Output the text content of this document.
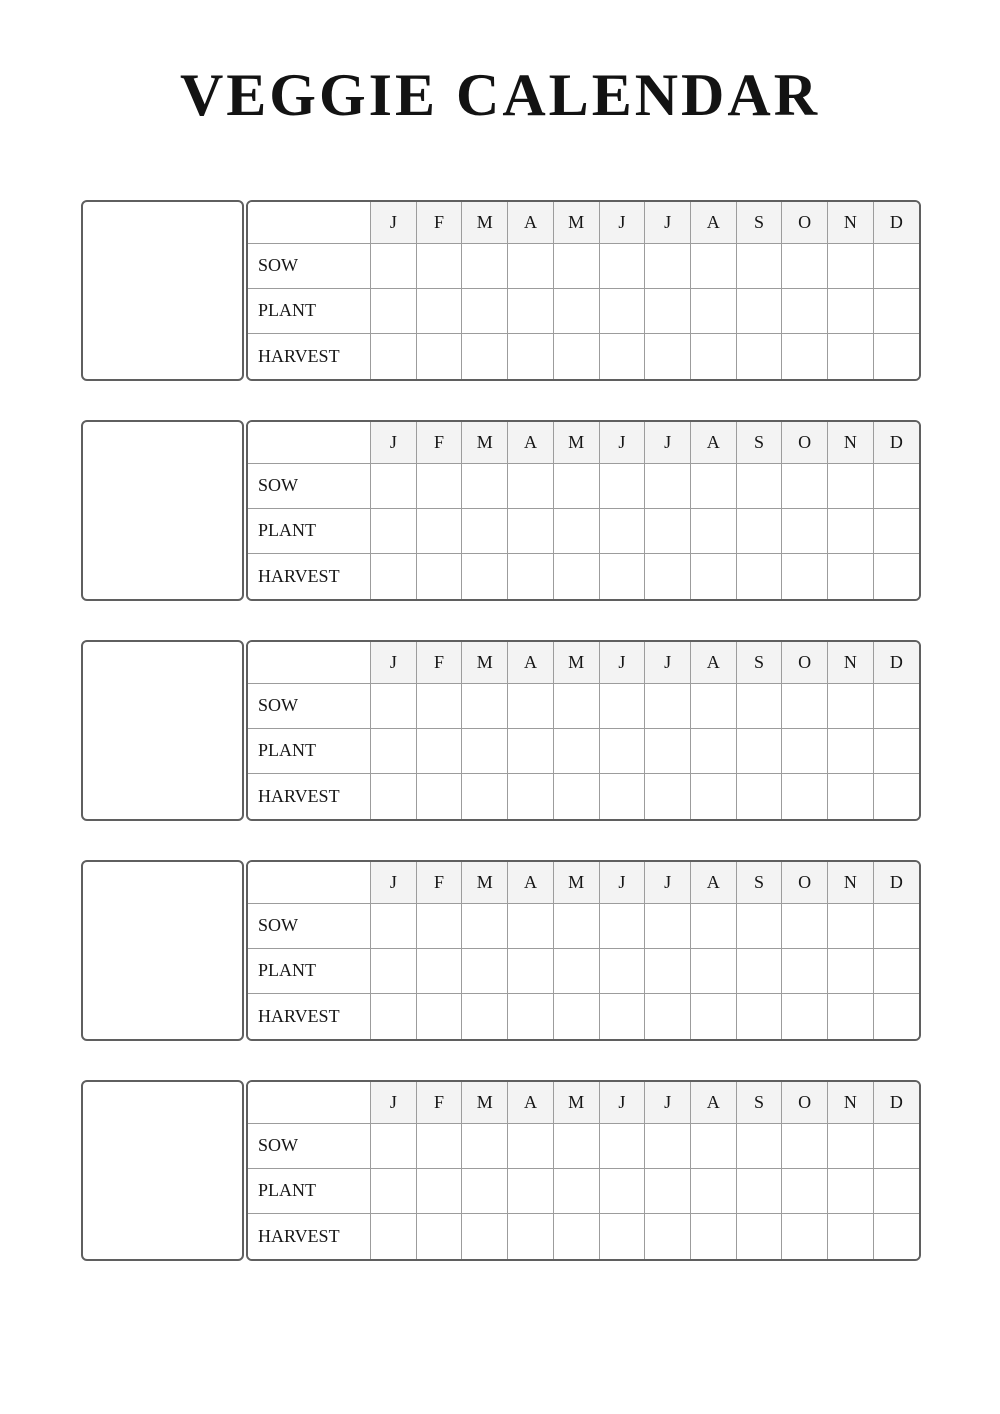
VEGGIE CALENDAR
	J	F	M	A	M	J	J	A	S	O	N	D
SOW												
PLANT												
HARVEST												
	J	F	M	A	M	J	J	A	S	O	N	D
SOW												
PLANT												
HARVEST												
	J	F	M	A	M	J	J	A	S	O	N	D
SOW												
PLANT												
HARVEST												
	J	F	M	A	M	J	J	A	S	O	N	D
SOW												
PLANT												
HARVEST												
	J	F	M	A	M	J	J	A	S	O	N	D
SOW												
PLANT												
HARVEST												
